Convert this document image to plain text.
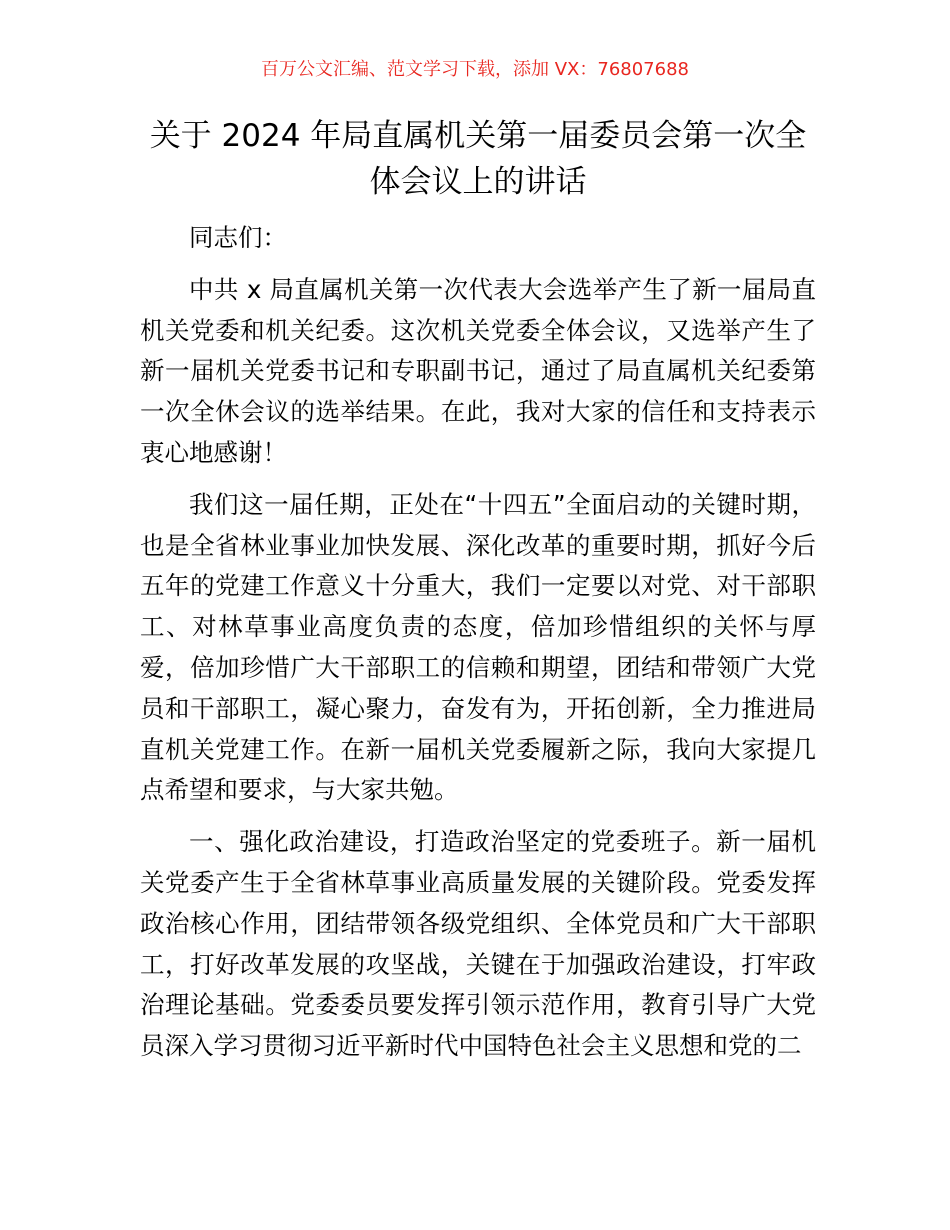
百万公文汇编、范文学习下载，添加 VX：76807688
关于 2024 年局直属机关第一届委员会第一次全体会议上的讲话

同志们：

中共 x 局直属机关第一次代表大会选举产生了新一届局直机关党委和机关纪委。这次机关党委全体会议，又选举产生了新一届机关党委书记和专职副书记，通过了局直属机关纪委第一次全休会议的选举结果。在此，我对大家的信任和支持表示衷心地感谢！

我们这一届任期，正处在“十四五”全面启动的关键时期，也是全省林业事业加快发展、深化改革的重要时期，抓好今后五年的党建工作意义十分重大，我们一定要以对党、对干部职工、对林草事业高度负责的态度，倍加珍惜组织的关怀与厚爱，倍加珍惜广大干部职工的信赖和期望，团结和带领广大党员和干部职工，凝心聚力，奋发有为，开拓创新，全力推进局直机关党建工作。在新一届机关党委履新之际，我向大家提几点希望和要求，与大家共勉。

一、强化政治建设，打造政治坚定的党委班子。新一届机关党委产生于全省林草事业高质量发展的关键阶段。党委发挥政治核心作用，团结带领各级党组织、全体党员和广大干部职工，打好改革发展的攻坚战，关键在于加强政治建设，打牢政治理论基础。党委委员要发挥引领示范作用，教育引导广大党员深入学习贯彻习近平新时代中国特色社会主义思想和党的二
